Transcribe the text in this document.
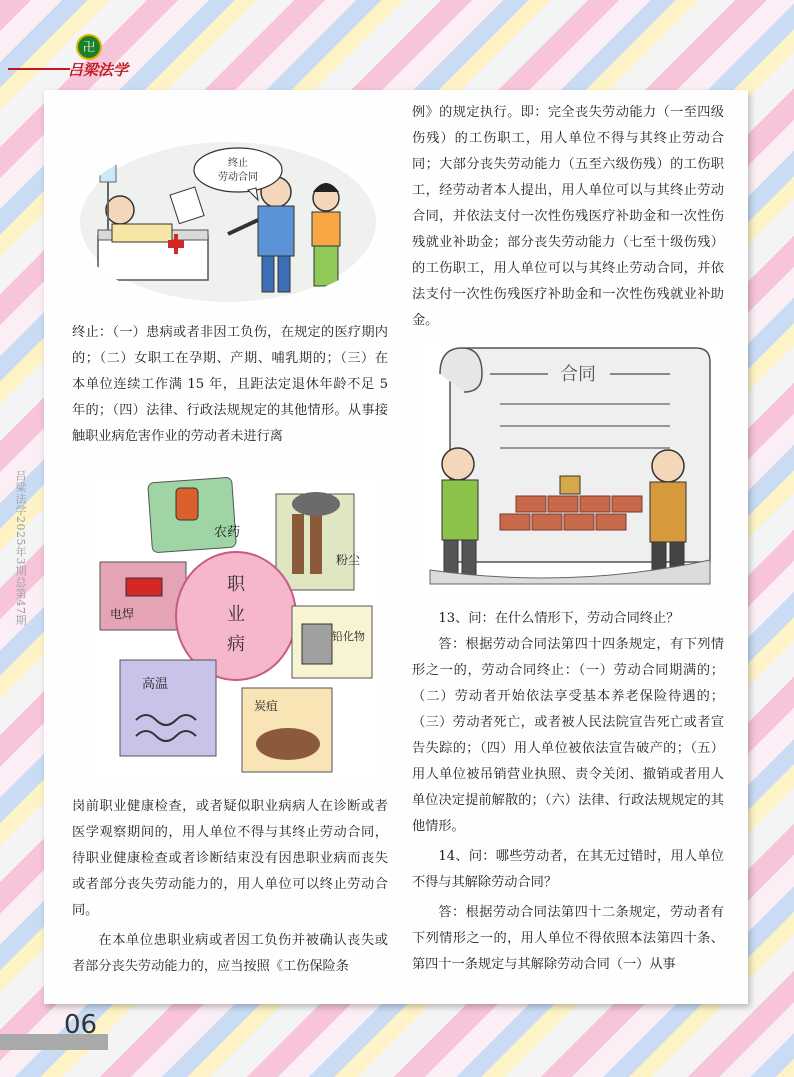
卍
吕梁法学
吕梁法学2025年3期总第47期
终止
劳动合同
农药
粉尘
电焊
职
业
病	铅化物
高温
炭疽
合同

终止：（一）患病或者非因工负伤，在规定的医疗期内的；（二）女职工在孕期、产期、哺乳期的；（三）在本单位连续工作满 15 年，且距法定退休年龄不足 5 年的；（四）法律、行政法规规定的其他情形。从事接触职业病危害作业的劳动者未进行离

岗前职业健康检查，或者疑似职业病病人在诊断或者医学观察期间的，用人单位不得与其终止劳动合同，待职业健康检查或者诊断结束没有因患职业病而丧失或者部分丧失劳动能力的，用人单位可以终止劳动合同。

在本单位患职业病或者因工负伤并被确认丧失或者部分丧失劳动能力的，应当按照《工伤保险条

例》的规定执行。即：完全丧失劳动能力（一至四级伤残）的工伤职工，用人单位不得与其终止劳动合同；大部分丧失劳动能力（五至六级伤残）的工伤职工，经劳动者本人提出，用人单位可以与其终止劳动合同，并依法支付一次性伤残医疗补助金和一次性伤残就业补助金；部分丧失劳动能力（七至十级伤残）的工伤职工，用人单位可以与其终止劳动合同，并依法支付一次性伤残医疗补助金和一次性伤残就业补助金。

13、问：在什么情形下，劳动合同终止？

答：根据劳动合同法第四十四条规定，有下列情形之一的，劳动合同终止：（一）劳动合同期满的；（二）劳动者开始依法享受基本养老保险待遇的；（三）劳动者死亡，或者被人民法院宣告死亡或者宣告失踪的；（四）用人单位被依法宣告破产的；（五）用人单位被吊销营业执照、责令关闭、撤销或者用人单位决定提前解散的；（六）法律、行政法规规定的其他情形。

14、问：哪些劳动者，在其无过错时，用人单位不得与其解除劳动合同？

答：根据劳动合同法第四十二条规定，劳动者有下列情形之一的，用人单位不得依照本法第四十条、第四十一条规定与其解除劳动合同（一）从事

06
